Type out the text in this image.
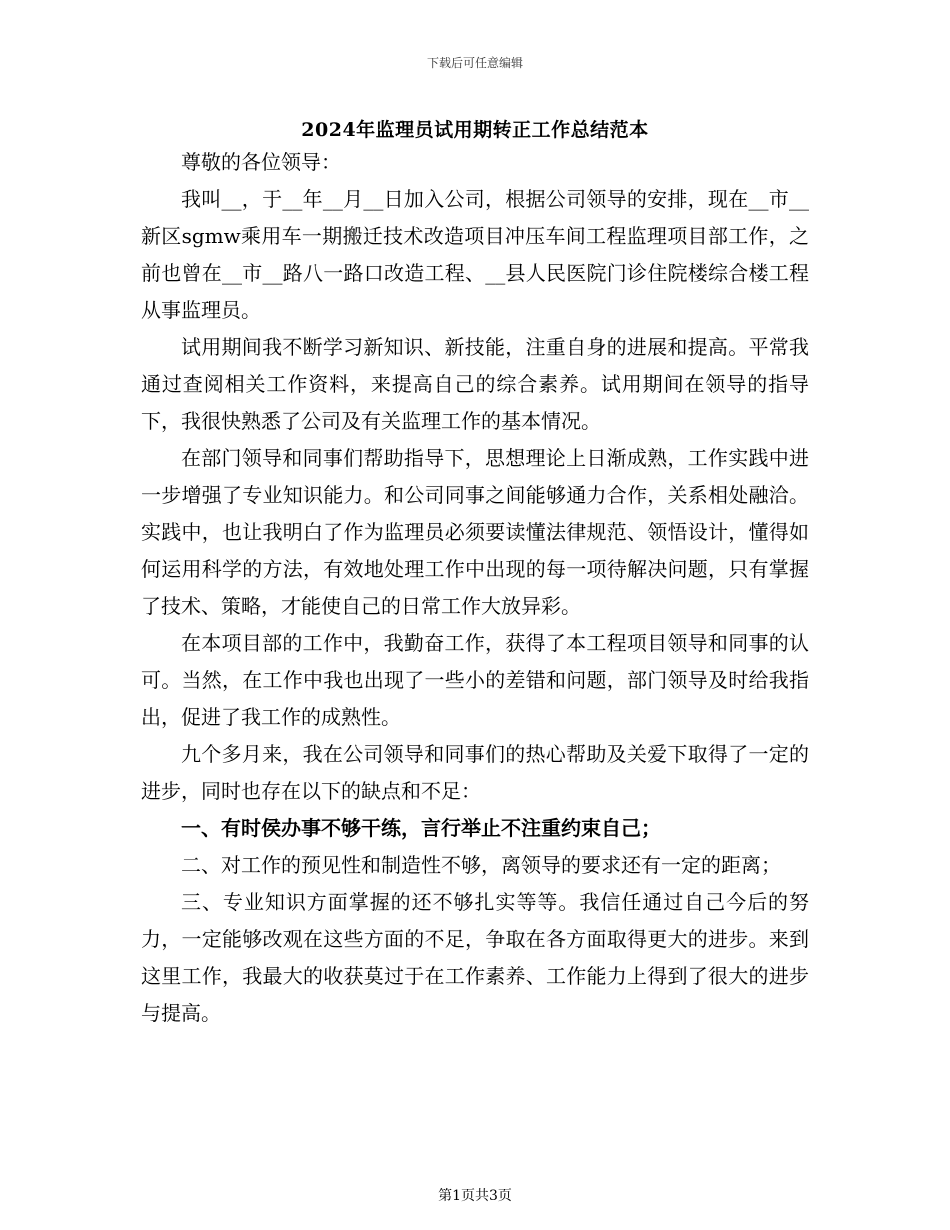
下载后可任意编辑
2024年监理员试用期转正工作总结范本

尊敬的各位领导：

我叫__，于__年__月__日加入公司，根据公司领导的安排，现在__市__新区sgmw乘用车一期搬迁技术改造项目冲压车间工程监理项目部工作，之前也曾在__市__路八一路口改造工程、__县人民医院门诊住院楼综合楼工程从事监理员。

试用期间我不断学习新知识、新技能，注重自身的进展和提高。平常我通过查阅相关工作资料，来提高自己的综合素养。试用期间在领导的指导下，我很快熟悉了公司及有关监理工作的基本情况。

在部门领导和同事们帮助指导下，思想理论上日渐成熟，工作实践中进一步增强了专业知识能力。和公司同事之间能够通力合作，关系相处融洽。实践中，也让我明白了作为监理员必须要读懂法律规范、领悟设计，懂得如何运用科学的方法，有效地处理工作中出现的每一项待解决问题，只有掌握了技术、策略，才能使自己的日常工作大放异彩。

在本项目部的工作中，我勤奋工作，获得了本工程项目领导和同事的认可。当然，在工作中我也出现了一些小的差错和问题，部门领导及时给我指出，促进了我工作的成熟性。

九个多月来，我在公司领导和同事们的热心帮助及关爱下取得了一定的进步，同时也存在以下的缺点和不足：

一、有时侯办事不够干练，言行举止不注重约束自己；

二、对工作的预见性和制造性不够，离领导的要求还有一定的距离；

三、专业知识方面掌握的还不够扎实等等。我信任通过自己今后的努力，一定能够改观在这些方面的不足，争取在各方面取得更大的进步。来到这里工作，我最大的收获莫过于在工作素养、工作能力上得到了很大的进步与提高。

第1页共3页
